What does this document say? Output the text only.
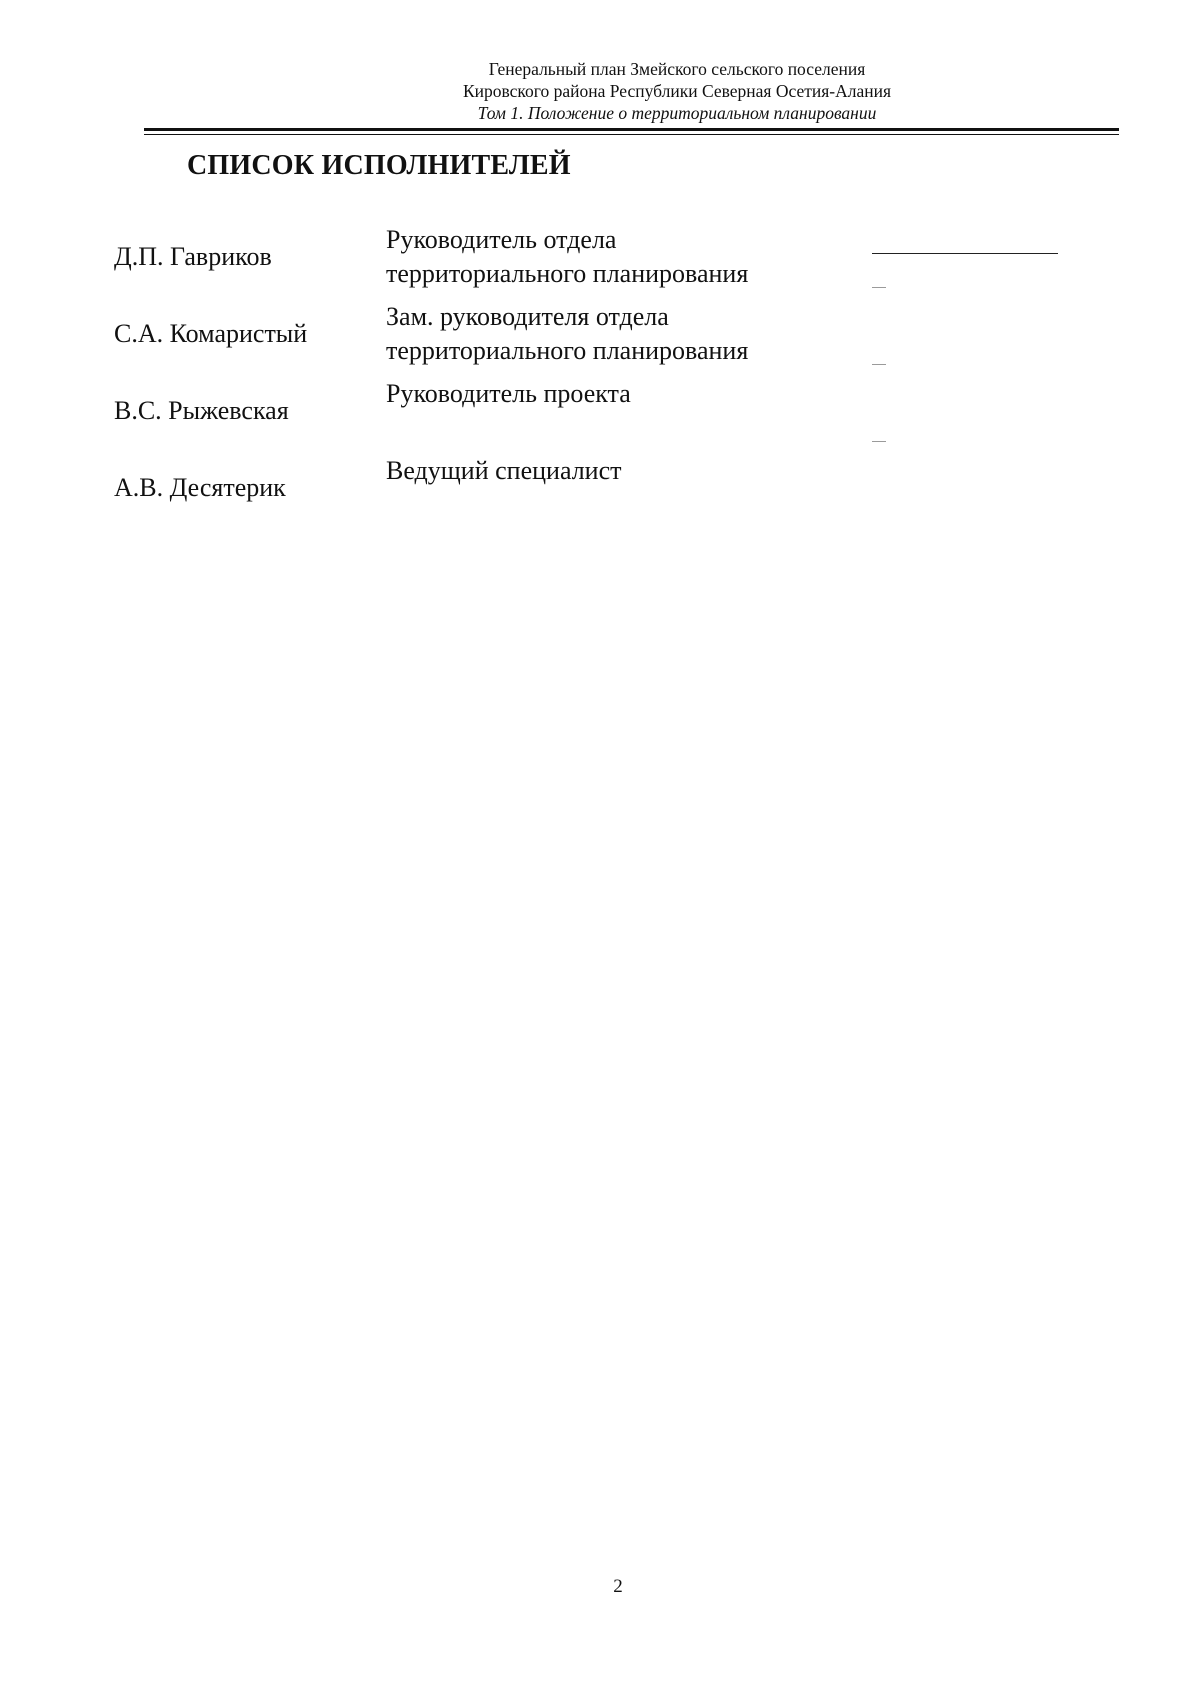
Генеральный план Змейского сельского поселения
Кировского района Республики Северная Осетия-Алания
Том 1. Положение о территориальном планировании
СПИСОК ИСПОЛНИТЕЛЕЙ
Д.П. Гавриков
Руководитель отдела
территориального планирования
С.А. Комаристый
Зам. руководителя отдела
территориального планирования
В.С. Рыжевская
Руководитель проекта
А.В. Десятерик
Ведущий специалист
2
